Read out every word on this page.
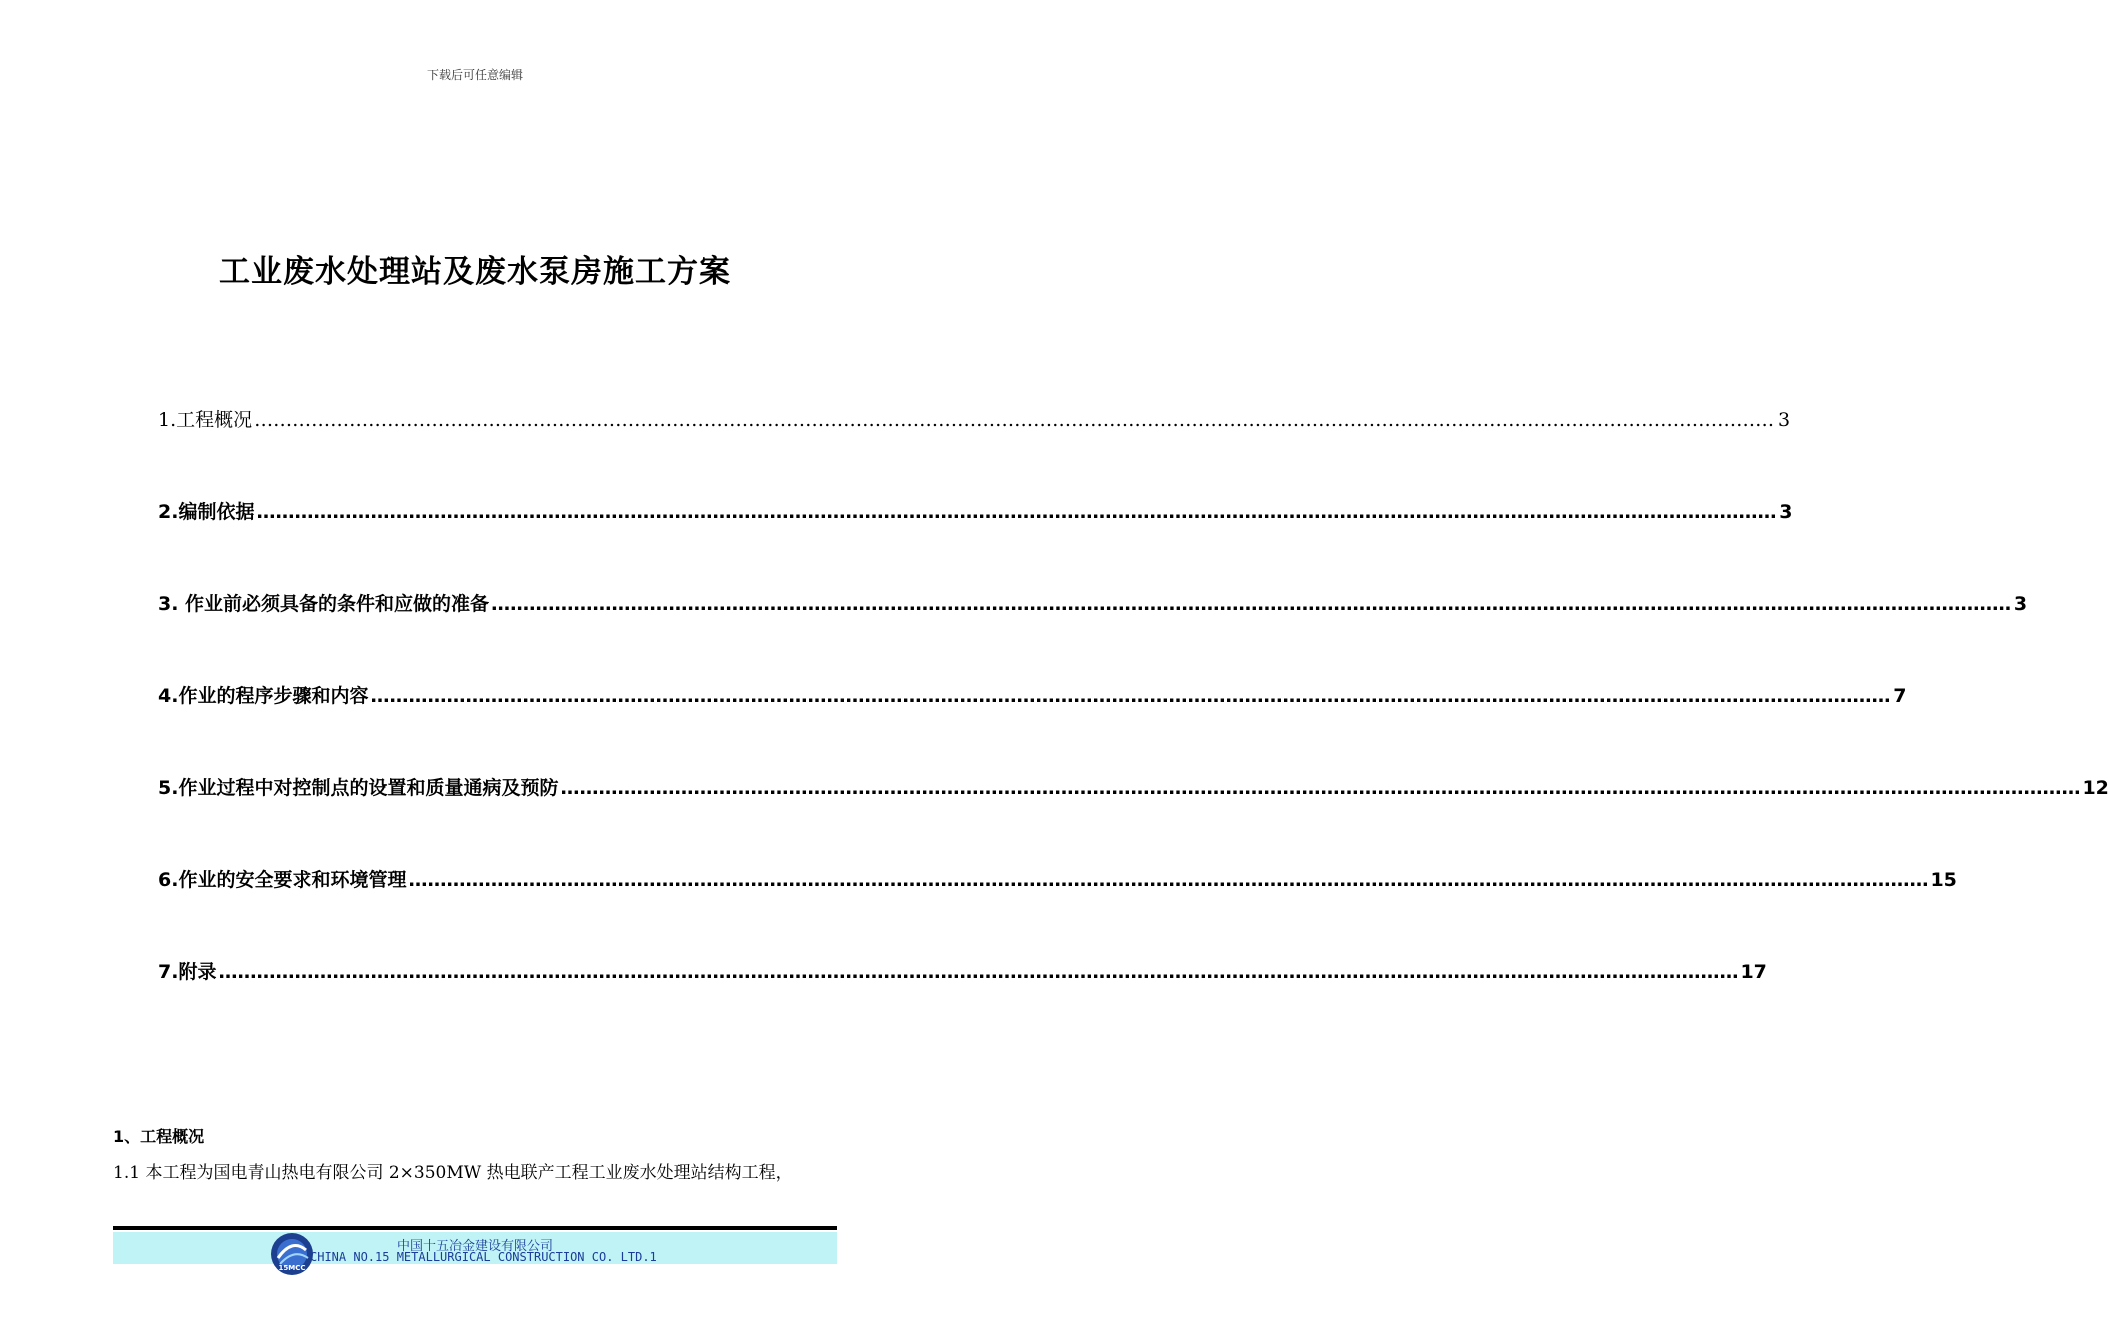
下载后可任意编辑
工业废水处理站及废水泵房施工方案
1.工程概况 …………………………………………………………………………………………………………………………………………………………………………………………………………………… 3
2.编制依据 …………………………………………………………………………………………………………………………………………………………………………………………………………………… 3
3. 作业前必须具备的条件和应做的准备 …………………………………………………………………………………………………………………………………………………………………………………………………………………… 3
4.作业的程序步骤和内容 …………………………………………………………………………………………………………………………………………………………………………………………………………………… 7
5.作业过程中对控制点的设置和质量通病及预防 …………………………………………………………………………………………………………………………………………………………………………………………………………………… 12
6.作业的安全要求和环境管理 …………………………………………………………………………………………………………………………………………………………………………………………………………………… 15
7.附录 …………………………………………………………………………………………………………………………………………………………………………………………………………………… 17
1、工程概况

1.1 本工程为国电青山热电有限公司 2×350MW 热电联产工程工业废水处理站结构工程，

15MCC
中国十五冶金建设有限公司
CHINA NO.15 METALLURGICAL CONSTRUCTION CO. LTD.1
